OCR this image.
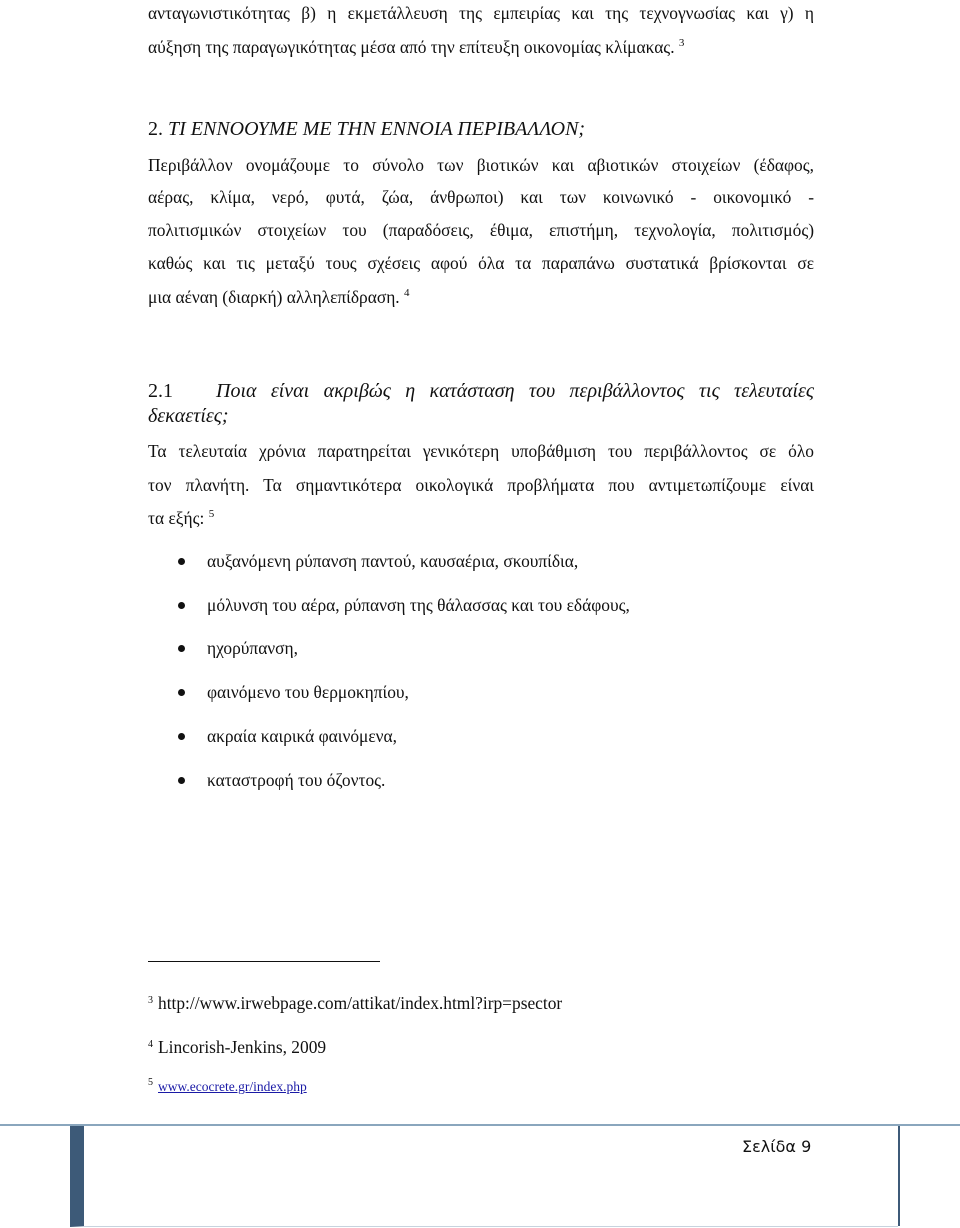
ανταγωνιστικότητας β) η εκμετάλλευση της εμπειρίας και της τεχνογνωσίας και γ) η
αύξηση της παραγωγικότητας μέσα από την επίτευξη οικονομίας κλίμακας. $^3$
2. ΤΙ ΕΝΝΟΟΥΜΕ ΜΕ ΤΗΝ ΕΝΝΟΙΑ ΠΕΡΙΒΑΛΛΟΝ;
Περιβάλλον ονομάζουμε το σύνολο των βιοτικών και αβιοτικών στοιχείων (έδαφος,
αέρας, κλίμα, νερό, φυτά, ζώα, άνθρωποι) και των κοινωνικό - οικονομικό -
πολιτισμικών στοιχείων του (παραδόσεις, έθιμα, επιστήμη, τεχνολογία, πολιτισμός)
καθώς και τις μεταξύ τους σχέσεις αφού όλα τα παραπάνω συστατικά βρίσκονται σε
μια αέναη (διαρκή) αλληλεπίδραση. $^4$
2.1 Ποια είναι ακριβώς η κατάσταση του περιβάλλοντος τις τελευταίες
δεκαετίες;
Τα τελευταία χρόνια παρατηρείται γενικότερη υποβάθμιση του περιβάλλοντος σε όλο
τον πλανήτη. Τα σημαντικότερα οικολογικά προβλήματα που αντιμετωπίζουμε είναι
τα εξής: $^5$
αυξανόμενη ρύπανση παντού, καυσαέρια, σκουπίδια,
μόλυνση του αέρα, ρύπανση της θάλασσας και του εδάφους,
ηχορύπανση,
φαινόμενο του θερμοκηπίου,
ακραία καιρικά φαινόμενα,
καταστροφή του όζοντος.
$^3$ http://www.irwebpage.com/attikat/index.html?irp=psector
$^4$ Lincorish-Jenkins, 2009
$^5$ www.ecocrete.gr/index.php
Σελίδα 9
